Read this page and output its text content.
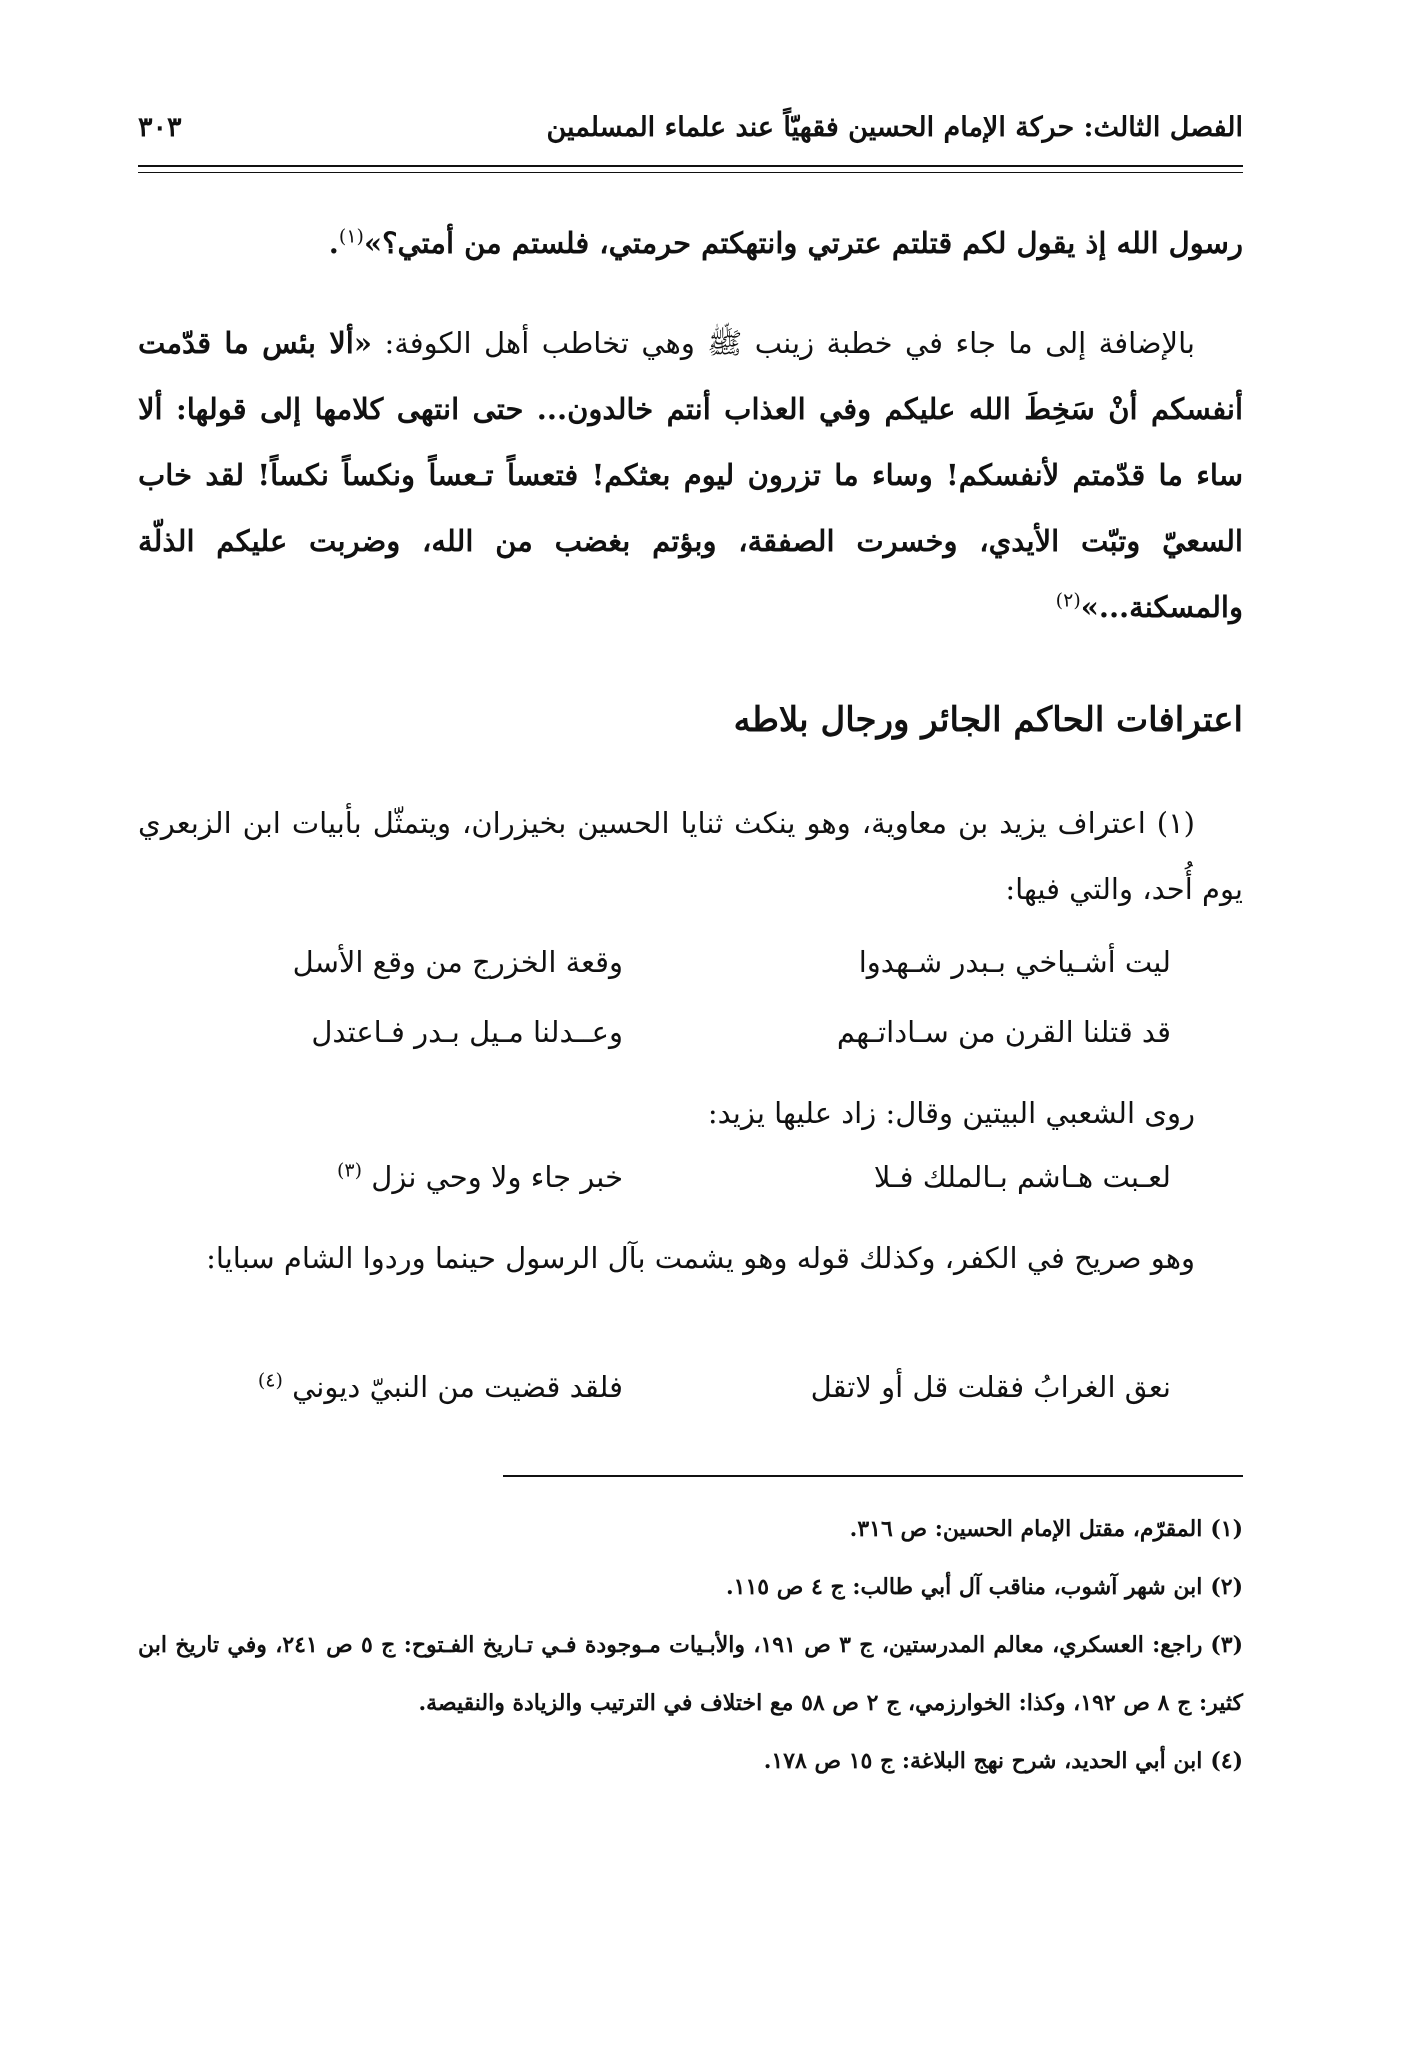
الفصل الثالث: حركة الإمام الحسين فقهيّاً عند علماء المسلمين
٣٠٣
رسول الله إذ يقول لكم قتلتم عترتي وانتهكتم حرمتي، فلستم من أمتي؟»$^{(١)}$.
بالإضافة إلى ما جاء في خطبة زينب ﷺ وهي تخاطب أهل الكوفة: «ألا بئس ما قدّمت أنفسكم أنْ سَخِطَ الله عليكم وفي العذاب أنتم خالدون... حتى انتهى كلامها إلى قولها: ألا ساء ما قدّمتم لأنفسكم! وساء ما تزرون ليوم بعثكم! فتعساً تـعساً ونكساً نكساً! لقد خاب السعيّ وتبّت الأيدي، وخسرت الصفقة، وبؤتم بغضب من الله، وضربت عليكم الذلّة والمسكنة...»$^{(٢)}$
اعترافات الحاكم الجائر ورجال بلاطه
(١) اعتراف يزيد بن معاوية، وهو ينكث ثنايا الحسين بخيزران، ويتمثّل بأبيات ابن الزبعري يوم أُحد، والتي فيها:
ليت أشـياخي بـبدر شـهدوا
وقعة الخزرج من وقع الأسل
قد قتلنا القرن من سـاداتـهم
وعــدلنا مـيل بـدر فـاعتدل
روى الشعبي البيتين وقال: زاد عليها يزيد:
لعـبت هـاشم بـالملك فـلا
خبر جاء ولا وحي نزل $^{(٣)}$
وهو صريح في الكفر، وكذلك قوله وهو يشمت بآل الرسول حينما وردوا الشام سبايا:
نعق الغرابُ فقلت قل أو لاتقل
فلقد قضيت من النبيّ ديوني $^{(٤)}$
(١)المقرّم، مقتل الإمام الحسين: ص ٣١٦.
(٢)ابن شهر آشوب، مناقب آل أبي طالب: ج ٤ ص ١١٥.
(٣)راجع: العسكري، معالم المدرستين، ج ٣ ص ١٩١، والأبـيات مـوجودة فـي تـاريخ الفـتوح: ج ٥ ص ٢٤١، وفي تاريخ ابن كثير: ج ٨ ص ١٩٢، وكذا: الخوارزمي، ج ٢ ص ٥٨ مع اختلاف في الترتيب والزيادة والنقيصة.
(٤)ابن أبي الحديد، شرح نهج البلاغة: ج ١٥ ص ١٧٨.
